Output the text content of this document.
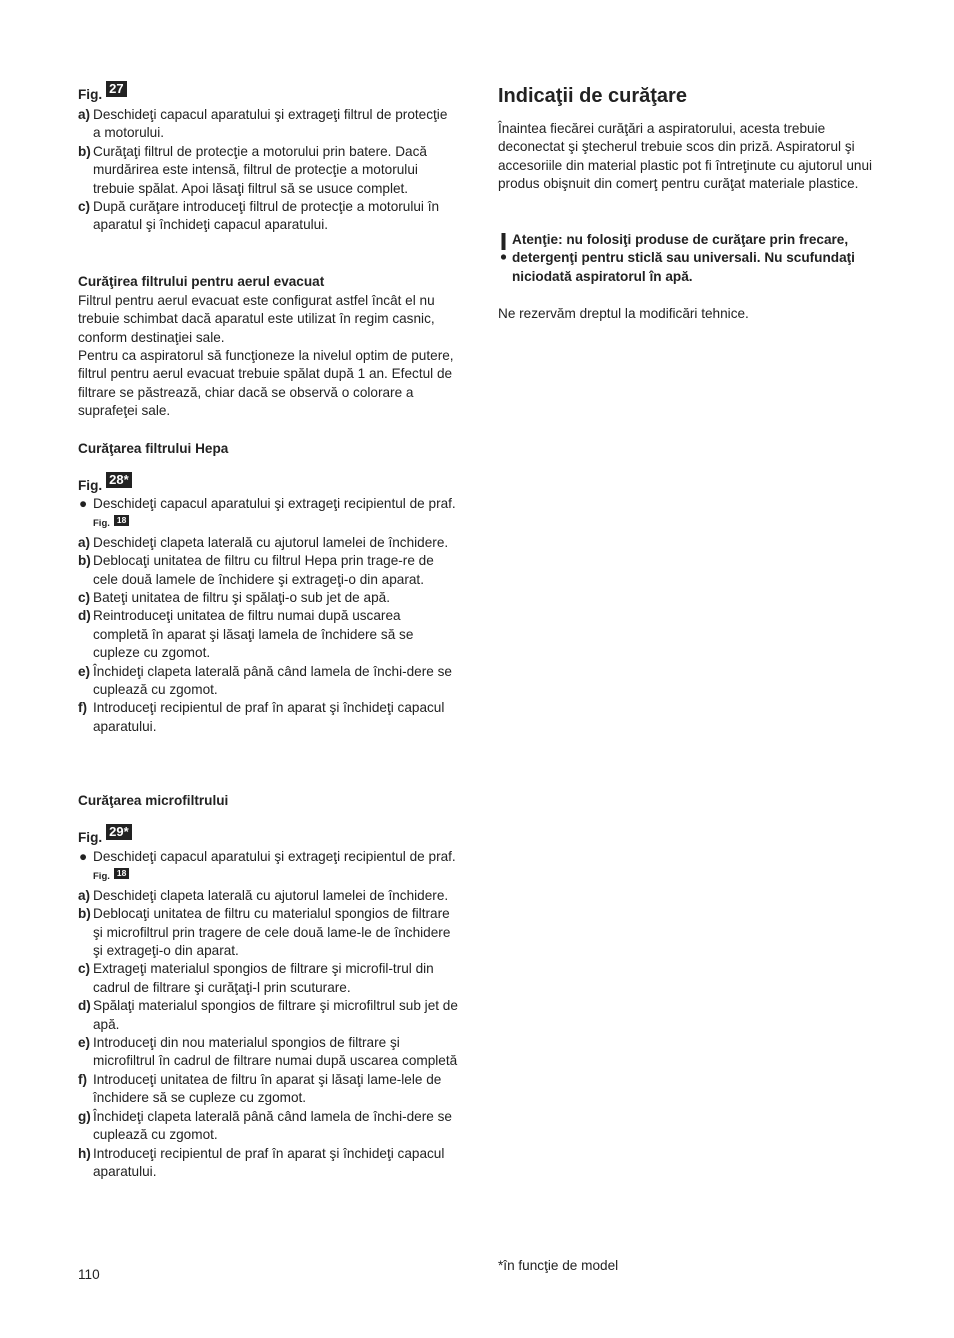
Fig. 27
a) Deschideţi capacul aparatului şi extrageţi filtrul de protecţie a motorului.
b) Curăţaţi filtrul de protecţie a motorului prin batere. Dacă murdărirea este intensă, filtrul de protecţie a motorului trebuie spălat. Apoi lăsaţi filtrul să se usuce complet.
c) După curăţare introduceţi filtrul de protecţie a motorului în aparatul şi închideţi capacul aparatului.
Curăţirea filtrului pentru aerul evacuat

Filtrul pentru aerul evacuat este configurat astfel încât el nu trebuie schimbat dacă aparatul este utilizat în regim casnic, conform destinaţiei sale.

Pentru ca aspiratorul să funcţioneze la nivelul optim de putere, filtrul pentru aerul evacuat trebuie spălat după 1 an. Efectul de filtrare se păstrează, chiar dacă se observă o colorare a suprafeţei sale.

Curăţarea filtrului Hepa
Fig. 28*
● Deschideţi capacul aparatului şi extrageţi recipientul de praf. Fig. 18
a) Deschideţi clapeta laterală cu ajutorul lamelei de închidere.
b) Deblocaţi unitatea de filtru cu filtrul Hepa prin trage-re de cele două lamele de închidere şi extrageţi-o din aparat.
c) Bateţi unitatea de filtru şi spălaţi-o sub jet de apă.
d) Reintroduceţi unitatea de filtru numai după uscarea completă în aparat şi lăsaţi lamela de închidere să se cupleze cu zgomot.
e) Închideţi clapeta laterală până când lamela de închi-dere se cuplează cu zgomot.
f) Introduceţi recipientul de praf în aparat şi închideţi capacul aparatului.
Curăţarea microfiltrului
Fig. 29*
● Deschideţi capacul aparatului şi extrageţi recipientul de praf. Fig. 18
a) Deschideţi clapeta laterală cu ajutorul lamelei de închidere.
b) Deblocaţi unitatea de filtru cu materialul spongios de filtrare şi microfiltrul prin tragere de cele două lame-le de închidere şi extrageţi-o din aparat.
c) Extrageţi materialul spongios de filtrare şi microfil-trul din cadrul de filtrare şi curăţaţi-l prin scuturare.
d) Spălaţi materialul spongios de filtrare şi microfiltrul sub jet de apă.
e) Introduceţi din nou materialul spongios de filtrare şi microfiltrul în cadrul de filtrare numai după uscarea completă
f) Introduceţi unitatea de filtru în aparat şi lăsaţi lame-lele de închidere să se cupleze cu zgomot.
g) Închideţi clapeta laterală până când lamela de închi-dere se cuplează cu zgomot.
h) Introduceţi recipientul de praf în aparat şi închideţi capacul aparatului.
Indicaţii de curăţare

Înaintea fiecărei curăţări a aspiratorului, acesta trebuie deconectat şi ştecherul trebuie scos din priză. Aspiratorul şi accesoriile din material plastic pot fi întreţinute cu ajutorul unui produs obişnuit din comerţ pentru curăţat materiale plastice.

Atenţie: nu folosiţi produse de curăţare prin frecare, detergenţi pentru sticlă sau universali. Nu scufundaţi niciodată aspiratorul în apă.

Ne rezervăm dreptul la modificări tehnice.

110
*în funcţie de model
